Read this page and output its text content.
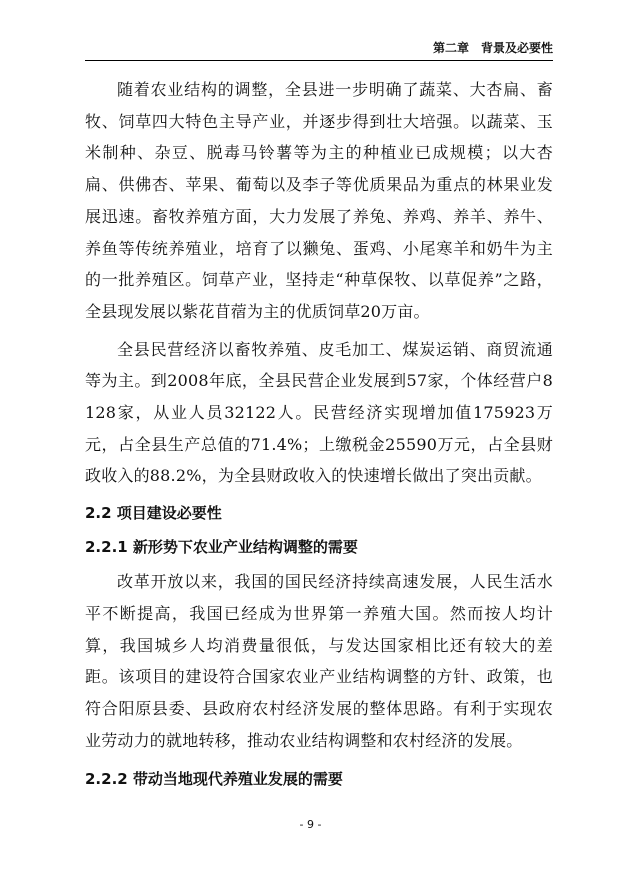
第二章　背景及必要性

随着农业结构的调整，全县进一步明确了蔬菜、大杏扁、畜牧、饲草四大特色主导产业，并逐步得到壮大培强。以蔬菜、玉米制种、杂豆、脱毒马铃薯等为主的种植业已成规模；以大杏扁、供佛杏、苹果、葡萄以及李子等优质果品为重点的林果业发展迅速。畜牧养殖方面，大力发展了养兔、养鸡、养羊、养牛、养鱼等传统养殖业，培育了以獭兔、蛋鸡、小尾寒羊和奶牛为主的一批养殖区。饲草产业，坚持走“种草保牧、以草促养”之路，全县现发展以紫花苜蓿为主的优质饲草20万亩。

全县民营经济以畜牧养殖、皮毛加工、煤炭运销、商贸流通等为主。到2008年底，全县民营企业发展到57家，个体经营户8128家，从业人员32122人。民营经济实现增加值175923万元，占全县生产总值的71.4%；上缴税金25590万元，占全县财政收入的88.2%，为全县财政收入的快速增长做出了突出贡献。

2.2 项目建设必要性
2.2.1 新形势下农业产业结构调整的需要

改革开放以来，我国的国民经济持续高速发展，人民生活水平不断提高，我国已经成为世界第一养殖大国。然而按人均计算，我国城乡人均消费量很低，与发达国家相比还有较大的差距。该项目的建设符合国家农业产业结构调整的方针、政策，也符合阳原县委、县政府农村经济发展的整体思路。有利于实现农业劳动力的就地转移，推动农业结构调整和农村经济的发展。

2.2.2 带动当地现代养殖业发展的需要
- 9 -
